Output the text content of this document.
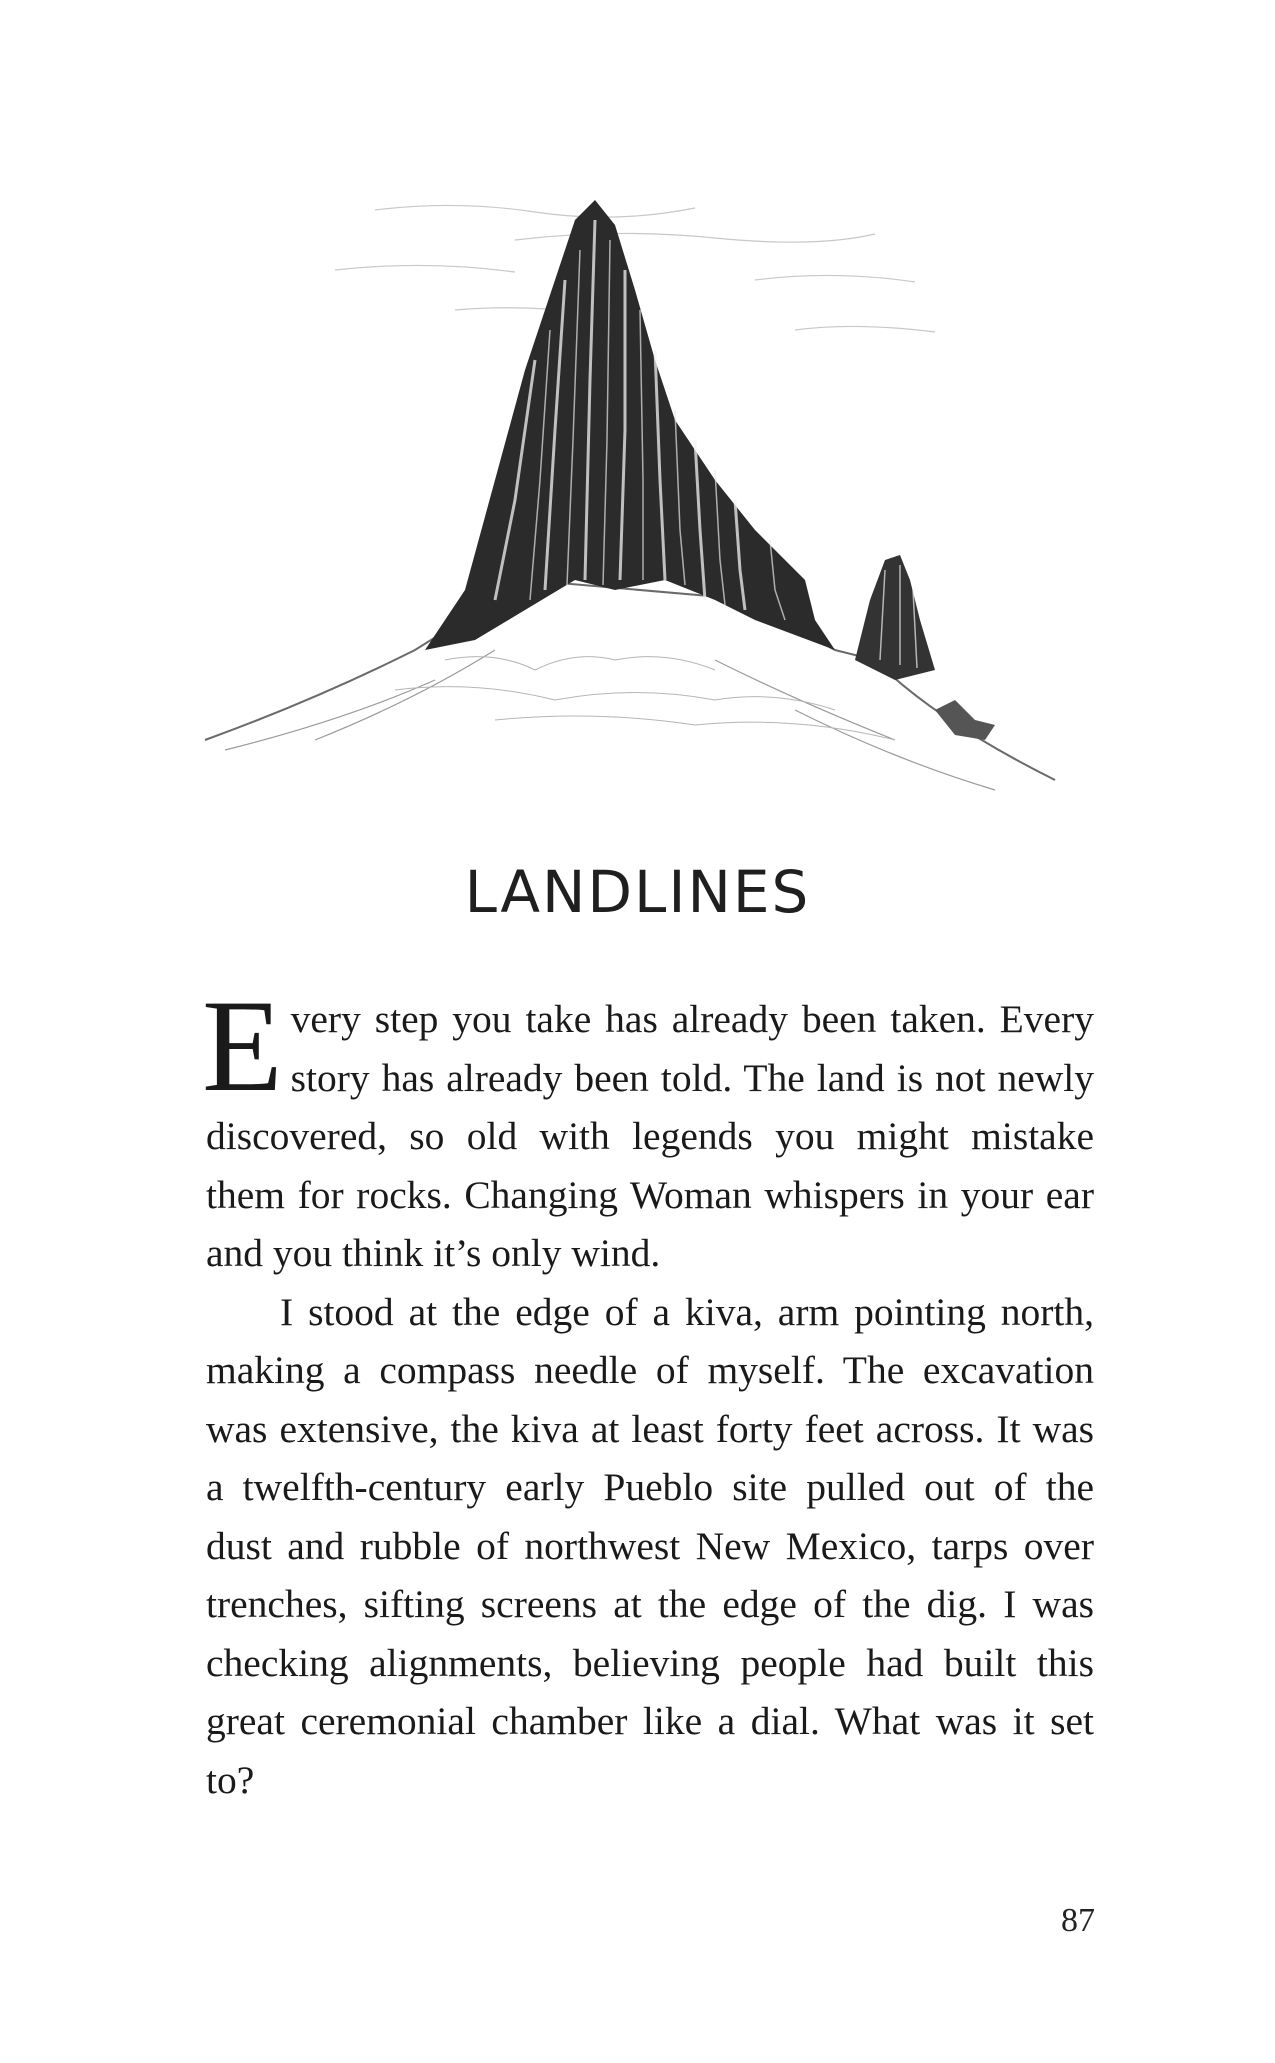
LANDLINES

Every step you take has already been taken. Every story has already been told. The land is not newly discovered, so old with legends you might mistake them for rocks. Changing Woman whispers in your ear and you think it’s only wind.

I stood at the edge of a kiva, arm pointing north, making a compass needle of myself. The excavation was extensive, the kiva at least forty feet across. It was a twelfth-century early Pueblo site pulled out of the dust and rubble of northwest New Mexico, tarps over trenches, sifting screens at the edge of the dig. I was checking alignments, believing people had built this great ceremonial chamber like a dial. What was it set to?

87
